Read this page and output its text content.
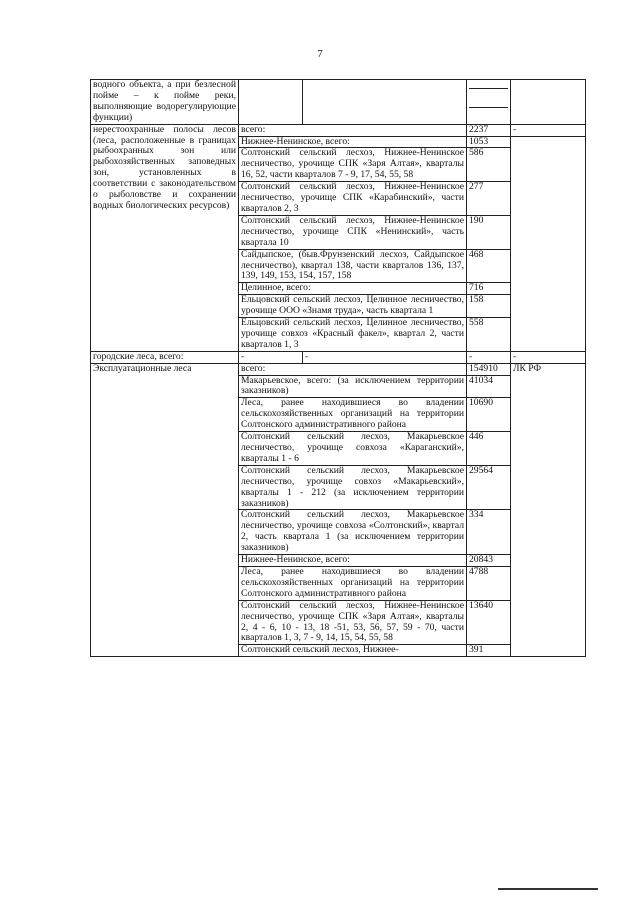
7
водного объекта, а при безлесной пойме – к пойме реки, выполняющие водорегулирующие функции)			

нерестоохранные полосы лесов (леса, расположенные в границах рыбоохранных зон или рыбохозяйственных заповедных зон, установленных в соответствии с законодательством о рыболовстве и сохранении водных биологических ресурсов)	всего:		2237	-
	Нижнее-Ненинское, всего:		1053	
	Солтонский сельский лесхоз, Нижнее-Ненинское лесничество, урочище СПК «Заря Алтая», кварталы 16, 52, части кварталов 7 - 9, 17, 54, 55, 58		586	
	Солтонский сельский лесхоз, Нижнее-Ненинское лесничество, урочище СПК «Карабинский», части кварталов 2, 3		277	
	Солтонский сельский лесхоз, Нижнее-Ненинское лесничество, урочище СПК «Ненинский», часть квартала 10		190	
	Сайдыпское, (быв.Фрунзенский лесхоз, Сайдыпское лесничество), квартал 138, части кварталов 136, 137, 139, 149, 153, 154, 157, 158		468	
	Целинное, всего:		716	
	Ельцовский сельский лесхоз, Целинное лесничество, урочище ООО «Знамя труда», часть квартала 1		158	
	Ельцовский сельский лесхоз, Целинное лесничество, урочище совхоз «Красный факел», квартал 2, части кварталов 1, 3		558	
городские леса, всего:	-	-	-	-
Эксплуатационные леса	всего:		154910	ЛК РФ
	Макарьевское, всего: (за исключением территории заказников)		41034	
	Леса, ранее находившиеся во владении сельскохозяйственных организаций на территории Солтонского административного района		10690	
	Солтонский сельский лесхоз, Макарьевское лесничество, урочище совхоза «Караганский», кварталы 1 - 6		446	
	Солтонский сельский лесхоз, Макарьевское лесничество, урочище совхоз «Макарьевский», кварталы 1 - 212 (за исключением территории заказников)		29564	
	Солтонский сельский лесхоз, Макарьевское лесничество, урочище совхоза «Солтонский», квартал 2, часть квартала 1 (за исключением территории заказников)		334	
	Нижнее-Ненинское, всего:		20843	
	Леса, ранее находившиеся во владении сельскохозяйственных организаций на территории Солтонского административного района		4788	
	Солтонский сельский лесхоз, Нижнее-Ненинское лесничество, урочище СПК «Заря Алтая», кварталы 2, 4 - 6, 10 - 13, 18 -51, 53, 56, 57, 59 - 70, части кварталов 1, 3, 7 - 9, 14, 15, 54, 55, 58		13640	
	Солтонский сельский лесхоз, Нижнее-		391	
